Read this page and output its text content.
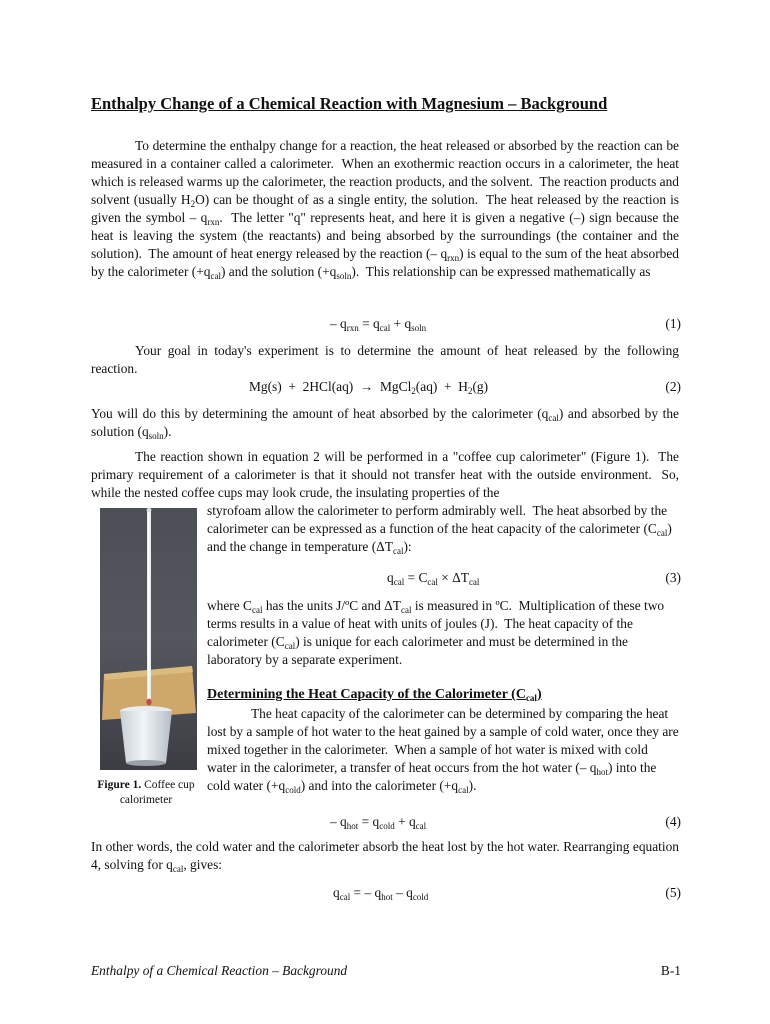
Enthalpy Change of a Chemical Reaction with Magnesium – Background

To determine the enthalpy change for a reaction, the heat released or absorbed by the reaction can be measured in a container called a calorimeter.  When an exothermic reaction occurs in a calorimeter, the heat which is released warms up the calorimeter, the reaction products, and the solvent.  The reaction products and solvent (usually $H_2O$) can be thought of as a single entity, the solution.  The heat released by the reaction is given the symbol – $q_{rxn}$.  The letter "q" represents heat, and here it is given a negative (–) sign because the heat is leaving the system (the reactants) and being absorbed by the surroundings (the container and the solution).  The amount of heat energy released by the reaction (– $q_{rxn}$) is equal to the sum of the heat absorbed by the calorimeter $(+q_{cal})$ and the solution $(+q_{soln})$.  This relationship can be expressed mathematically as

– $q_{rxn} = q_{cal} + q_{soln}$	(1)

Your goal in today's experiment is to determine the amount of heat released by the following reaction.

Mg(s)  +  2HCl(aq)  →  MgCl$_2$(aq)  +  $H_2(g)$	(2)

You will do this by determining the amount of heat absorbed by the calorimeter $(q_{cal})$ and absorbed by the solution $(q_{soln})$.

The reaction shown in equation 2 will be performed in a "coffee cup calorimeter" (Figure 1).  The primary requirement of a calorimeter is that it should not transfer heat with the outside environment.  So, while the nested coffee cups may look crude, the insulating properties of the

styrofoam allow the calorimeter to perform admirably well.  The heat absorbed by the calorimeter can be expressed as a function of the heat capacity of the calorimeter $(C_{cal})$ and the change in temperature $(\Delta T_{cal})$:

$q_{cal} = C_{cal} \times \Delta T_{cal}$	(3)

where $C_{cal}$ has the units J/ºC and $\Delta T_{cal}$ is measured in ºC.  Multiplication of these two terms results in a value of heat with units of joules (J).  The heat capacity of the calorimeter $(C_{cal})$ is unique for each calorimeter and must be determined in the laboratory by a separate experiment.

Figure 1. Coffee cup calorimeter
Determining the Heat Capacity of the Calorimeter $(C_{cal})$

The heat capacity of the calorimeter can be determined by comparing the heat lost by a sample of hot water to the heat gained by a sample of cold water, once they are mixed together in the calorimeter.  When a sample of hot water is mixed with cold water in the calorimeter, a transfer of heat occurs from the hot water (– $q_{hot}$) into the cold water $(+q_{cold})$ and into the calorimeter $(+q_{cal})$.

– $q_{hot} = q_{cold} + q_{cal}$	(4)

In other words, the cold water and the calorimeter absorb the heat lost by the hot water. Rearranging equation 4, solving for $q_{cal}$, gives:

$q_{cal}$ = – $q_{hot} - q_{cold}$	(5)
Enthalpy of a Chemical Reaction – Background	B-1
